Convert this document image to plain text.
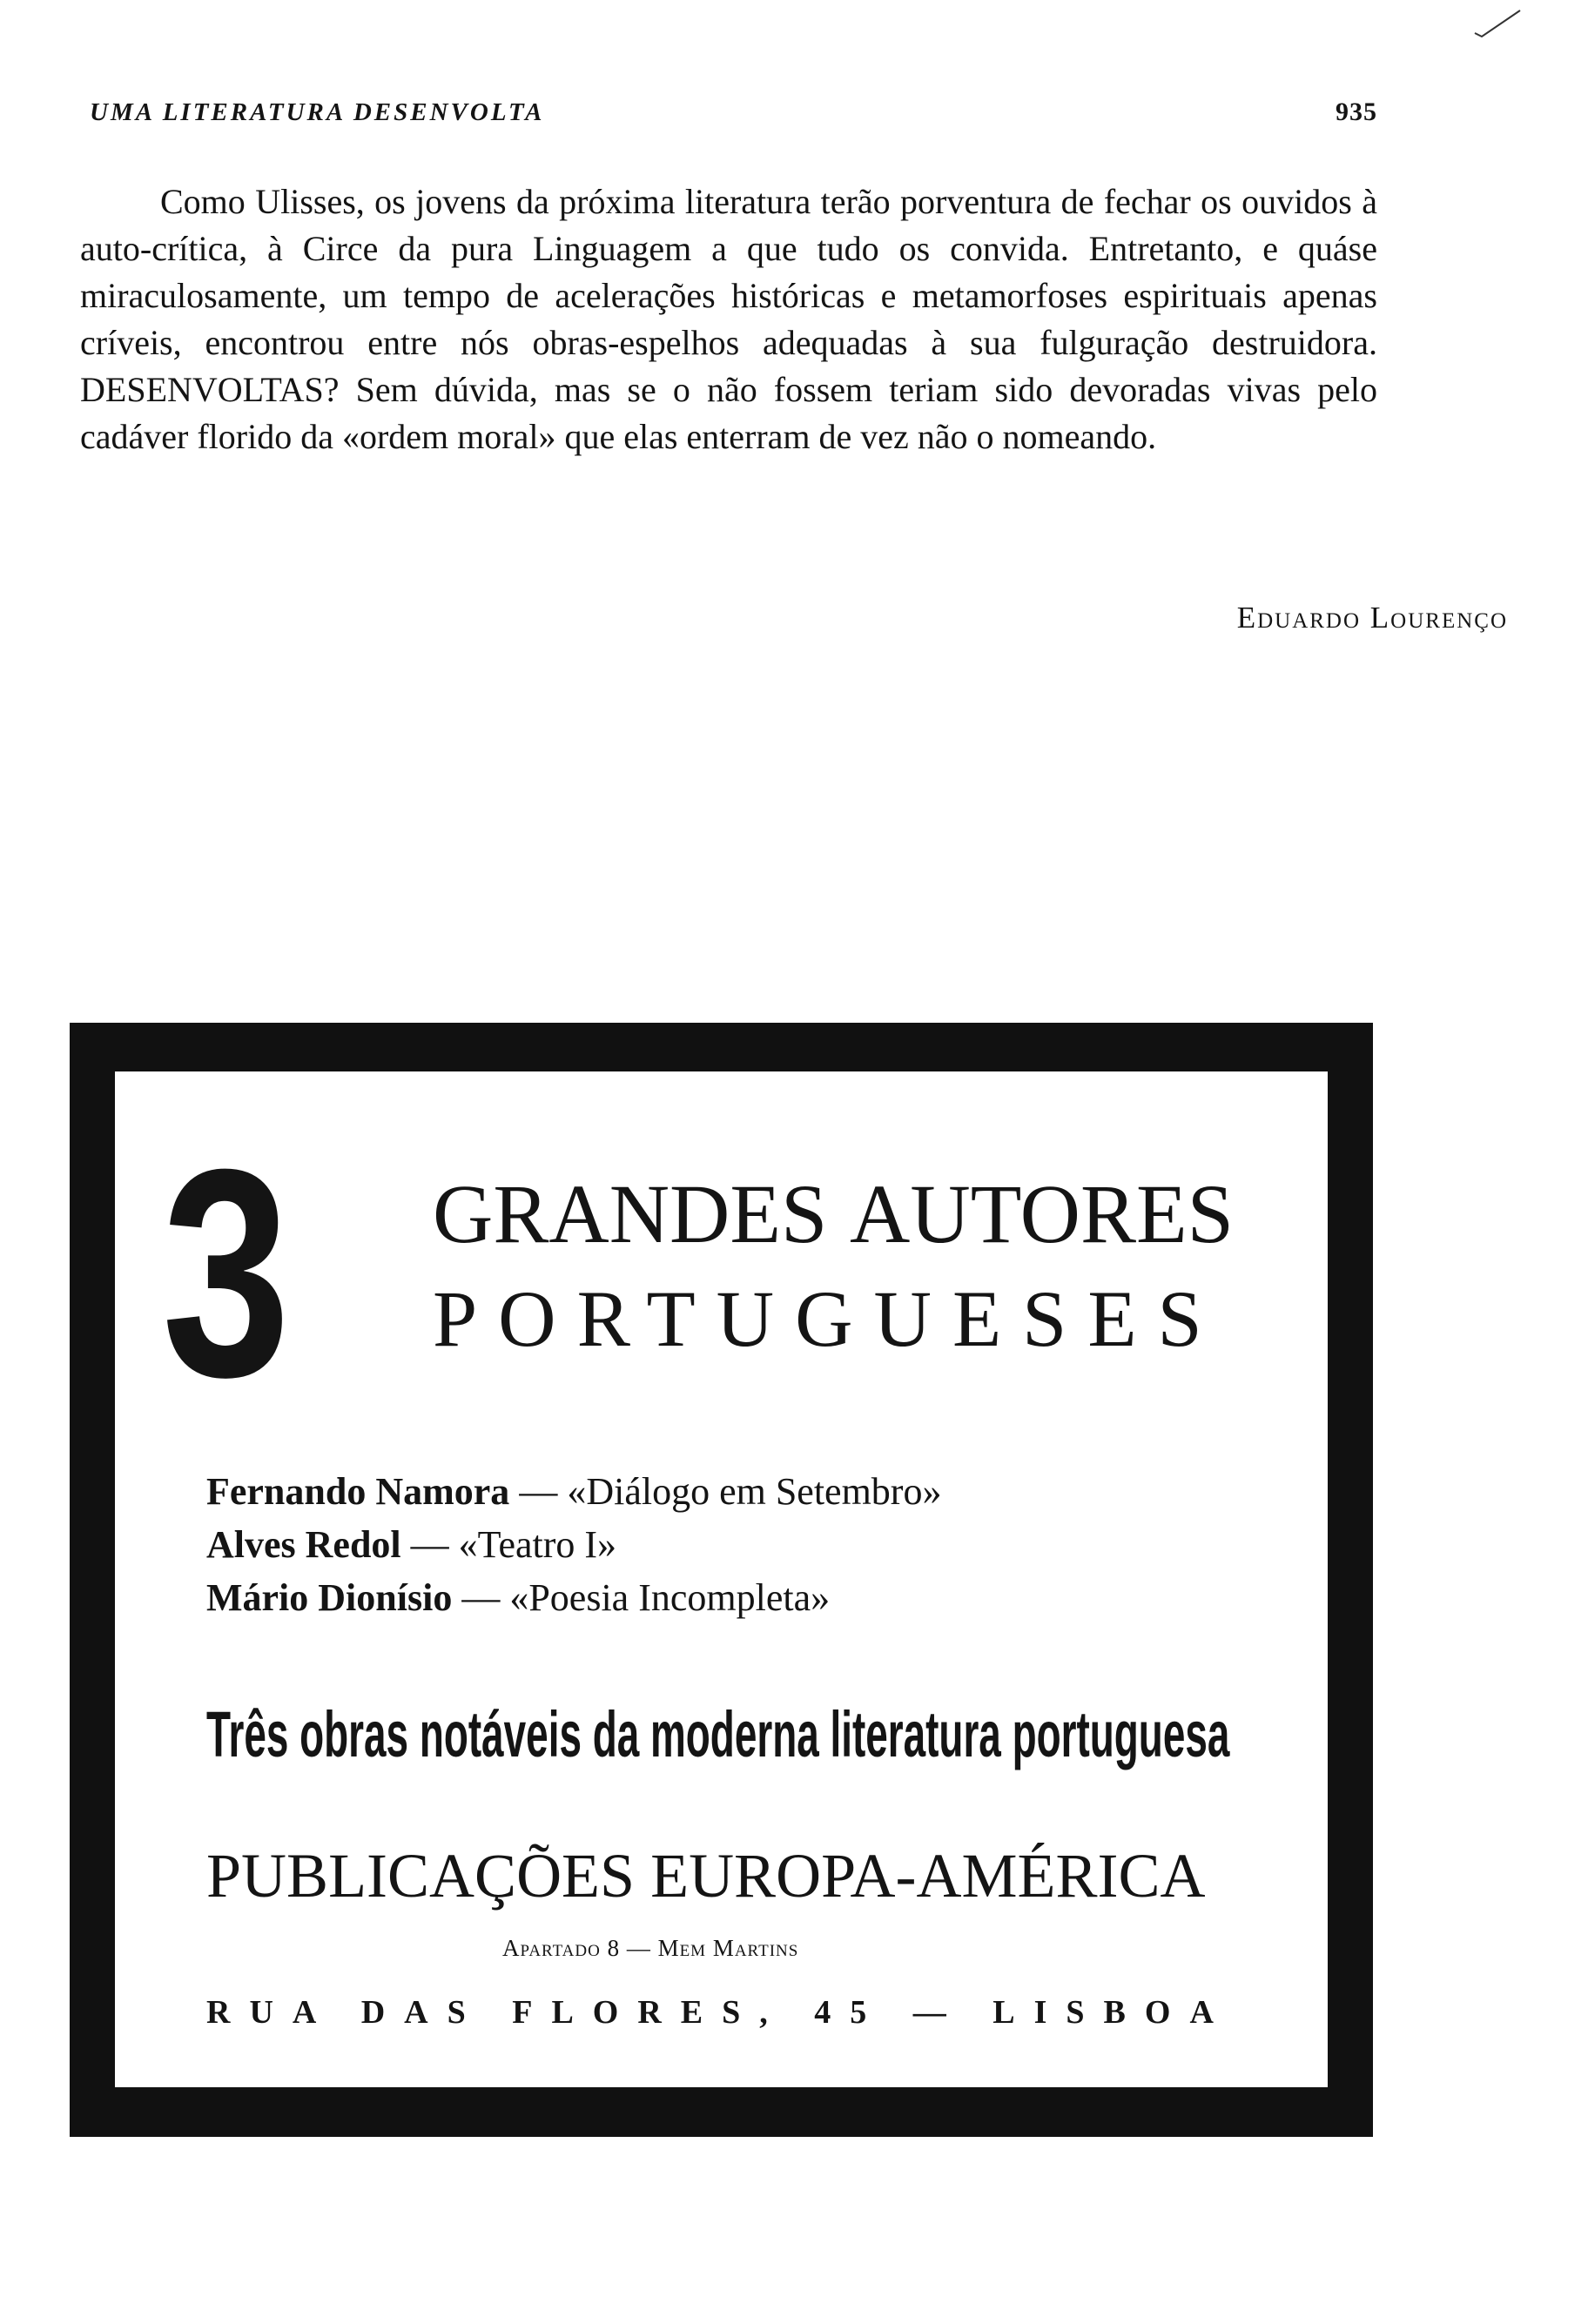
UMA LITERATURA DESENVOLTA	935

Como Ulisses, os jovens da próxima literatura terão porventura de fechar os ouvidos à auto-crítica, à Circe da pura Linguagem a que tudo os convida. Entretanto, e quáse miraculosamente, um tempo de acelerações históricas e metamorfoses espirituais apenas críveis, encontrou entre nós obras-espelhos adequadas à sua fulguração destruidora. DESENVOLTAS? Sem dúvida, mas se o não fossem teriam sido devoradas vivas pelo cadáver florido da «ordem moral» que elas enterram de vez não o nomeando.

Eduardo Lourenço
3 GRANDES AUTORES
PORTUGUESES
Fernando Namora — «Diálogo em Setembro»
Alves Redol — «Teatro I»
Mário Dionísio — «Poesia Incompleta»
Três obras notáveis da moderna literatura portuguesa
PUBLICAÇÕES EUROPA-AMÉRICA
Apartado 8 — Mem Martins
RUA DAS FLORES, 45 — LISBOA
